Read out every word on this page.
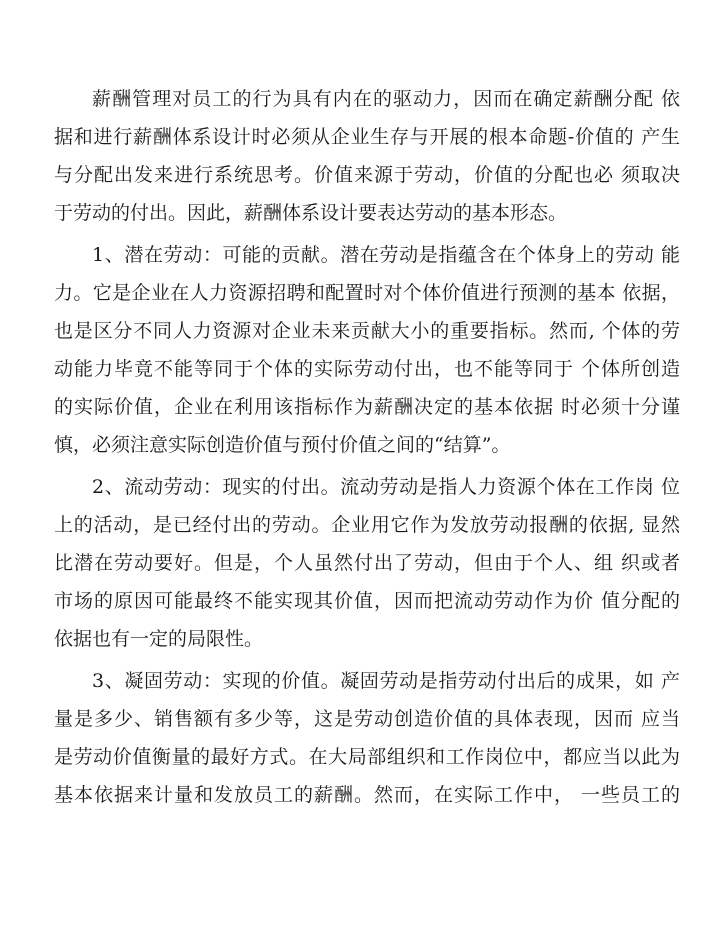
薪酬管理对员工的行为具有内在的驱动力，因而在确定薪酬分配 依
据和进行薪酬体系设计时必须从企业生存与开展的根本命题-价值的 产生
与分配出发来进行系统思考。价值来源于劳动，价值的分配也必 须取决
于劳动的付出。因此，薪酬体系设计要表达劳动的基本形态。
1、潜在劳动：可能的贡献。潜在劳动是指蕴含在个体身上的劳动 能
力。它是企业在人力资源招聘和配置时对个体价值进行预测的基本 依据，
也是区分不同人力资源对企业未来贡献大小的重要指标。然而, 个体的劳
动能力毕竟不能等同于个体的实际劳动付出，也不能等同于 个体所创造
的实际价值，企业在利用该指标作为薪酬决定的基本依据 时必须十分谨
慎，必须注意实际创造价值与预付价值之间的“结算”。
2、流动劳动：现实的付出。流动劳动是指人力资源个体在工作岗 位
上的活动，是已经付出的劳动。企业用它作为发放劳动报酬的依据, 显然
比潜在劳动要好。但是，个人虽然付出了劳动，但由于个人、组 织或者
市场的原因可能最终不能实现其价值，因而把流动劳动作为价 值分配的
依据也有一定的局限性。
3、凝固劳动：实现的价值。凝固劳动是指劳动付出后的成果，如 产
量是多少、销售额有多少等，这是劳动创造价值的具体表现，因而 应当
是劳动价值衡量的最好方式。在大局部组织和工作岗位中，都应当以此为
基本依据来计量和发放员工的薪酬。然而，在实际工作中， 一些员工的
